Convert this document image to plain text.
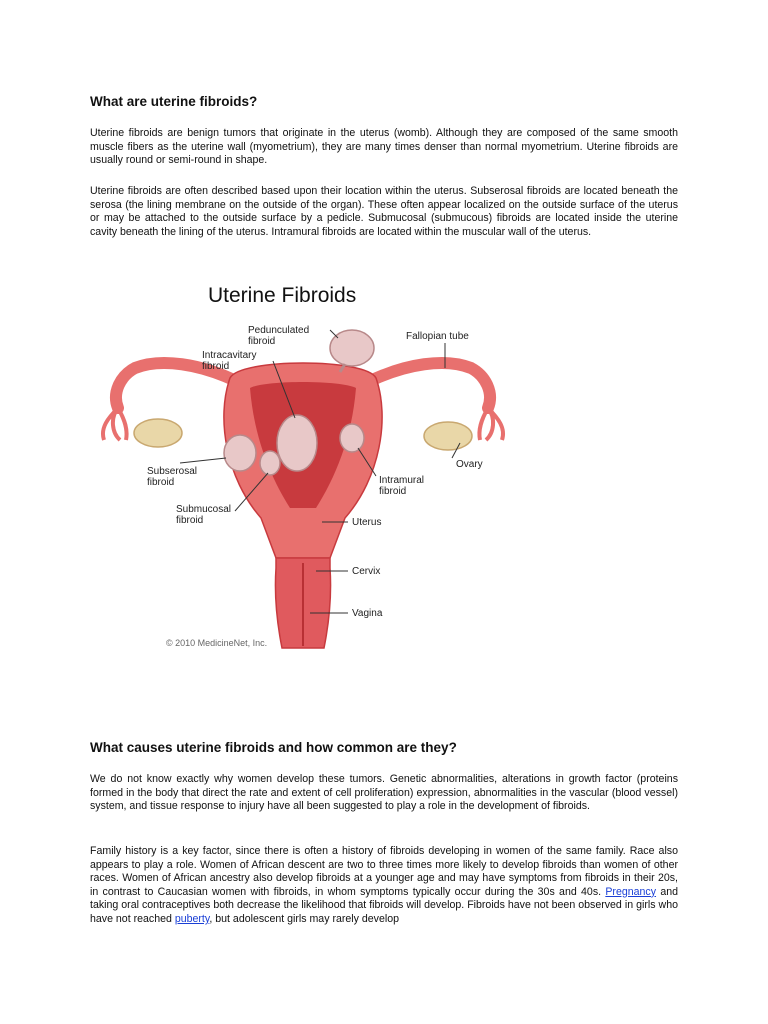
What are uterine fibroids?

Uterine fibroids are benign tumors that originate in the uterus (womb). Although they are composed of the same smooth muscle fibers as the uterine wall (myometrium), they are many times denser than normal myometrium. Uterine fibroids are usually round or semi-round in shape.

Uterine fibroids are often described based upon their location within the uterus. Subserosal fibroids are located beneath the serosa (the lining membrane on the outside of the organ). These often appear localized on the outside surface of the uterus or may be attached to the outside surface by a pedicle. Submucosal (submucous) fibroids are located inside the uterine cavity beneath the lining of the uterus. Intramural fibroids are located within the muscular wall of the uterus.

Uterine Fibroids
Pedunculated
fibroid	Fallopian tube
Intracavitary
fibroid
Subserosal
fibroid
Ovary
Intramural
fibroid
Submucosal
fibroid	Uterus
Cervix
Vagina
© 2010 MedicineNet, Inc.
What causes uterine fibroids and how common are they?

We do not know exactly why women develop these tumors. Genetic abnormalities, alterations in growth factor (proteins formed in the body that direct the rate and extent of cell proliferation) expression, abnormalities in the vascular (blood vessel) system, and tissue response to injury have all been suggested to play a role in the development of fibroids.

Family history is a key factor, since there is often a history of fibroids developing in women of the same family. Race also appears to play a role. Women of African descent are two to three times more likely to develop fibroids than women of other races. Women of African ancestry also develop fibroids at a younger age and may have symptoms from fibroids in their 20s, in contrast to Caucasian women with fibroids, in whom symptoms typically occur during the 30s and 40s. Pregnancy and taking oral contraceptives both decrease the likelihood that fibroids will develop. Fibroids have not been observed in girls who have not reached puberty, but adolescent girls may rarely develop
